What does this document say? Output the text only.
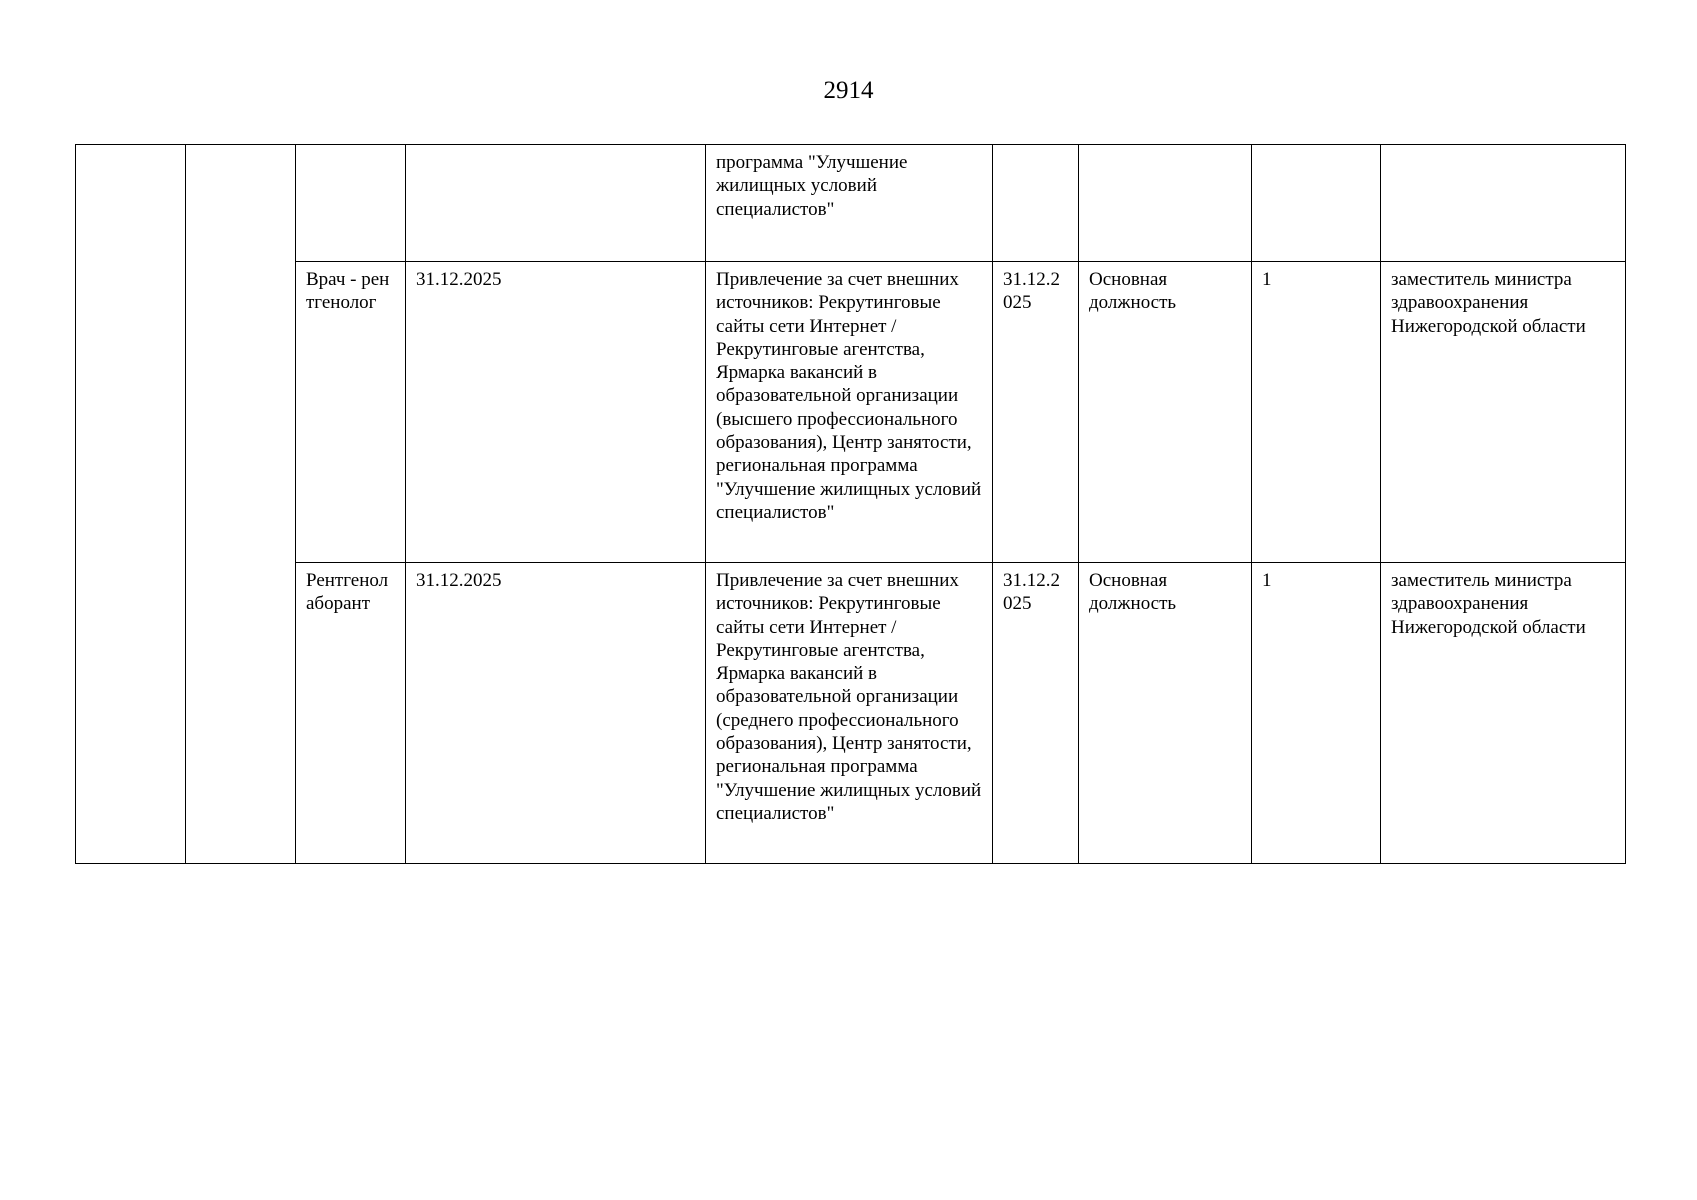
2914
				программа "Улучшение жилищных условий специалистов"				
		Врач - рентгенолог	31.12.2025	Привлечение за счет внешних источников: Рекрутинговые сайты сети Интернет / Рекрутинговые агентства, Ярмарка вакансий в образовательной организации (высшего профессионального образования), Центр занятости, региональная программа "Улучшение жилищных условий специалистов"	31.12.2025	Основная должность	1	заместитель министра здравоохранения Нижегородской области
		Рентгенолаборант	31.12.2025	Привлечение за счет внешних источников: Рекрутинговые сайты сети Интернет / Рекрутинговые агентства, Ярмарка вакансий в образовательной организации (среднего профессионального образования), Центр занятости, региональная программа "Улучшение жилищных условий специалистов"	31.12.2025	Основная должность	1	заместитель министра здравоохранения Нижегородской области
